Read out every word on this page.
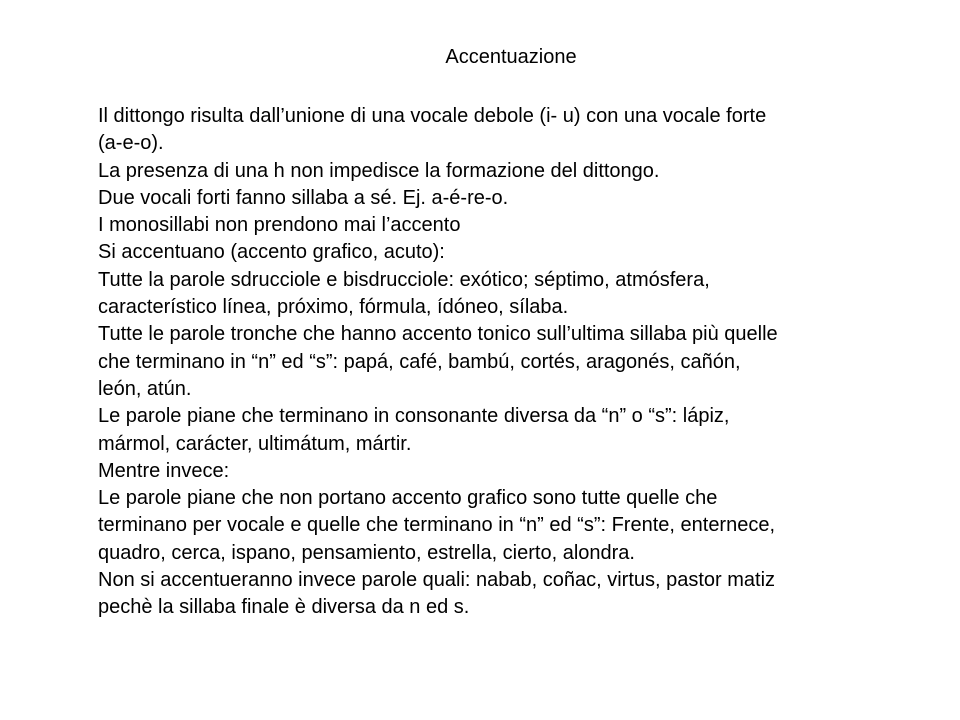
Accentuazione
Il dittongo risulta dall’unione di una vocale debole (i- u) con una vocale forte
(a-e-o).
La presenza di una h non impedisce la formazione del dittongo.
Due vocali forti fanno sillaba a sé. Ej. a-é-re-o.
I monosillabi non prendono mai l’accento
Si accentuano (accento grafico, acuto):
Tutte la parole sdrucciole e bisdrucciole: exótico; séptimo, atmósfera,
característico línea, próximo, fórmula, ídóneo, sílaba.
Tutte le parole tronche che hanno accento tonico sull’ultima sillaba più quelle
che terminano in “n” ed “s”: papá, café, bambú, cortés, aragonés, cañón,
león, atún.
Le parole piane che terminano in consonante diversa da “n” o “s”: lápiz,
mármol, carácter, ultimátum, mártir.
Mentre invece:
Le parole piane che non portano accento grafico sono tutte quelle che
terminano per vocale e quelle che terminano in “n” ed “s”: Frente, enternece,
quadro, cerca, ispano, pensamiento, estrella, cierto, alondra.
Non si accentueranno invece parole quali: nabab, coñac, virtus, pastor matiz
pechè la sillaba finale è diversa da n ed s.
